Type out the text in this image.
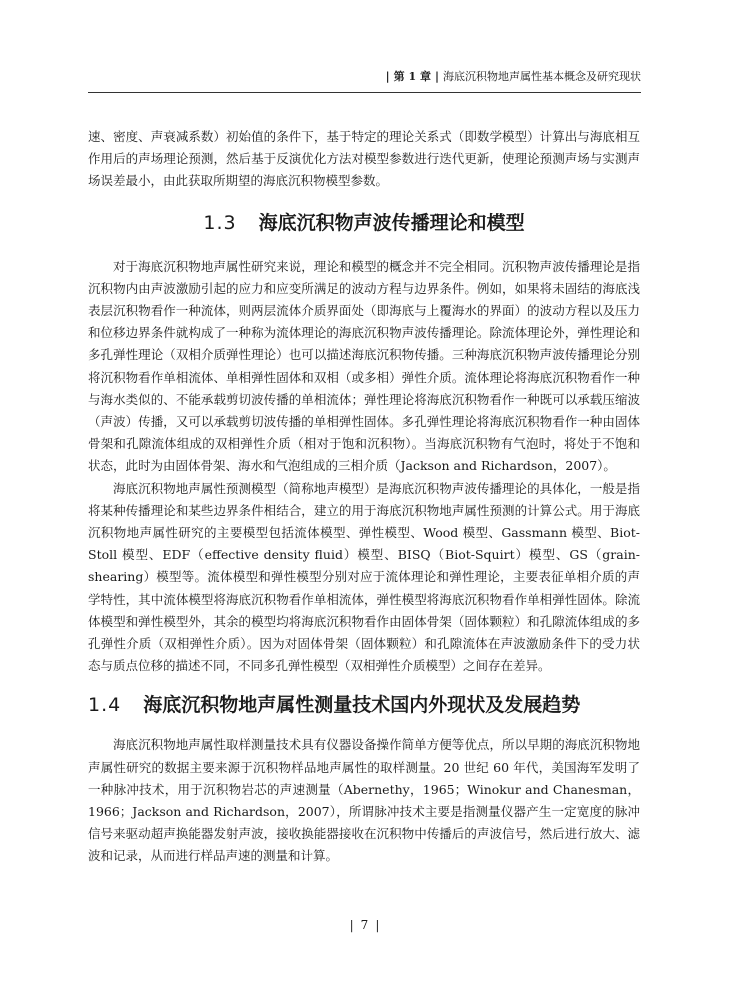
| 第 1 章 | 海底沉积物地声属性基本概念及研究现状

速、密度、声衰减系数）初始值的条件下，基于特定的理论关系式（即数学模型）计算出与海底相互作用后的声场理论预测，然后基于反演优化方法对模型参数进行迭代更新，使理论预测声场与实测声场误差最小，由此获取所期望的海底沉积物模型参数。

1.3 海底沉积物声波传播理论和模型

对于海底沉积物地声属性研究来说，理论和模型的概念并不完全相同。沉积物声波传播理论是指沉积物内由声波激励引起的应力和应变所满足的波动方程与边界条件。例如，如果将未固结的海底浅表层沉积物看作一种流体，则两层流体介质界面处（即海底与上覆海水的界面）的波动方程以及压力和位移边界条件就构成了一种称为流体理论的海底沉积物声波传播理论。除流体理论外，弹性理论和多孔弹性理论（双相介质弹性理论）也可以描述海底沉积物传播。三种海底沉积物声波传播理论分别将沉积物看作单相流体、单相弹性固体和双相（或多相）弹性介质。流体理论将海底沉积物看作一种与海水类似的、不能承载剪切波传播的单相流体；弹性理论将海底沉积物看作一种既可以承载压缩波（声波）传播，又可以承载剪切波传播的单相弹性固体。多孔弹性理论将海底沉积物看作一种由固体骨架和孔隙流体组成的双相弹性介质（相对于饱和沉积物）。当海底沉积物有气泡时，将处于不饱和状态，此时为由固体骨架、海水和气泡组成的三相介质（Jackson and Richardson，2007）。

海底沉积物地声属性预测模型（简称地声模型）是海底沉积物声波传播理论的具体化，一般是指将某种传播理论和某些边界条件相结合，建立的用于海底沉积物地声属性预测的计算公式。用于海底沉积物地声属性研究的主要模型包括流体模型、弹性模型、Wood 模型、Gassmann 模型、Biot-Stoll 模型、EDF（effective density fluid）模型、BISQ（Biot-Squirt）模型、GS（grain-shearing）模型等。流体模型和弹性模型分别对应于流体理论和弹性理论，主要表征单相介质的声学特性，其中流体模型将海底沉积物看作单相流体，弹性模型将海底沉积物看作单相弹性固体。除流体模型和弹性模型外，其余的模型均将海底沉积物看作由固体骨架（固体颗粒）和孔隙流体组成的多孔弹性介质（双相弹性介质）。因为对固体骨架（固体颗粒）和孔隙流体在声波激励条件下的受力状态与质点位移的描述不同，不同多孔弹性模型（双相弹性介质模型）之间存在差异。

1.4 海底沉积物地声属性测量技术国内外现状及发展趋势

海底沉积物地声属性取样测量技术具有仪器设备操作简单方便等优点，所以早期的海底沉积物地声属性研究的数据主要来源于沉积物样品地声属性的取样测量。20 世纪 60 年代，美国海军发明了一种脉冲技术，用于沉积物岩芯的声速测量（Abernethy，1965；Winokur and Chanesman，1966；Jackson and Richardson，2007），所谓脉冲技术主要是指测量仪器产生一定宽度的脉冲信号来驱动超声换能器发射声波，接收换能器接收在沉积物中传播后的声波信号，然后进行放大、滤波和记录，从而进行样品声速的测量和计算。

| 7 |
